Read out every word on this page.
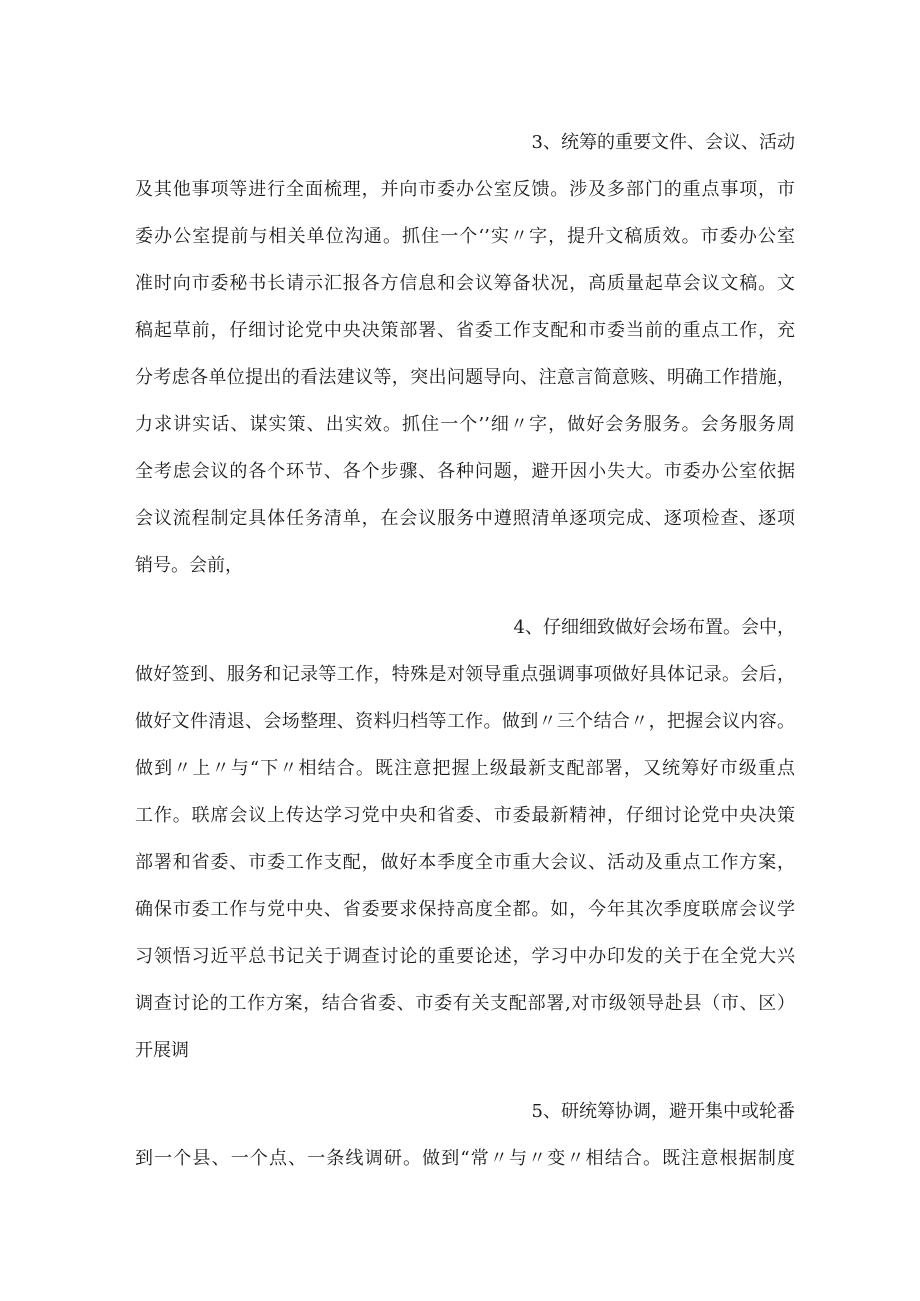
3、统筹的重要文件、会议、活动
及其他事项等进行全面梳理，并向市委办公室反馈。涉及多部门的重点事项，市
委办公室提前与相关单位沟通。抓住一个‘’实〃字，提升文稿质效。市委办公室
准时向市委秘书长请示汇报各方信息和会议筹备状况，高质量起草会议文稿。文
稿起草前，仔细讨论党中央决策部署、省委工作支配和市委当前的重点工作，充
分考虑各单位提出的看法建议等，突出问题导向、注意言简意赅、明确工作措施，
力求讲实话、谋实策、出实效。抓住一个’’细〃字，做好会务服务。会务服务周
全考虑会议的各个环节、各个步骤、各种问题，避开因小失大。市委办公室依据
会议流程制定具体任务清单，在会议服务中遵照清单逐项完成、逐项检查、逐项
销号。会前，
4、仔细细致做好会场布置。会中，
做好签到、服务和记录等工作，特殊是对领导重点强调事项做好具体记录。会后，
做好文件清退、会场整理、资料归档等工作。做到〃三个结合〃，把握会议内容。
做到〃上〃与“下〃相结合。既注意把握上级最新支配部署，又统筹好市级重点
工作。联席会议上传达学习党中央和省委、市委最新精神，仔细讨论党中央决策
部署和省委、市委工作支配，做好本季度全市重大会议、活动及重点工作方案，
确保市委工作与党中央、省委要求保持高度全都。如，今年其次季度联席会议学
习领悟习近平总书记关于调查讨论的重要论述，学习中办印发的关于在全党大兴
调查讨论的工作方案，结合省委、市委有关支配部署,对市级领导赴县（市、区）
开展调
5、研统筹协调，避开集中或轮番
到一个县、一个点、一条线调研。做到“常〃与〃变〃相结合。既注意根据制度
